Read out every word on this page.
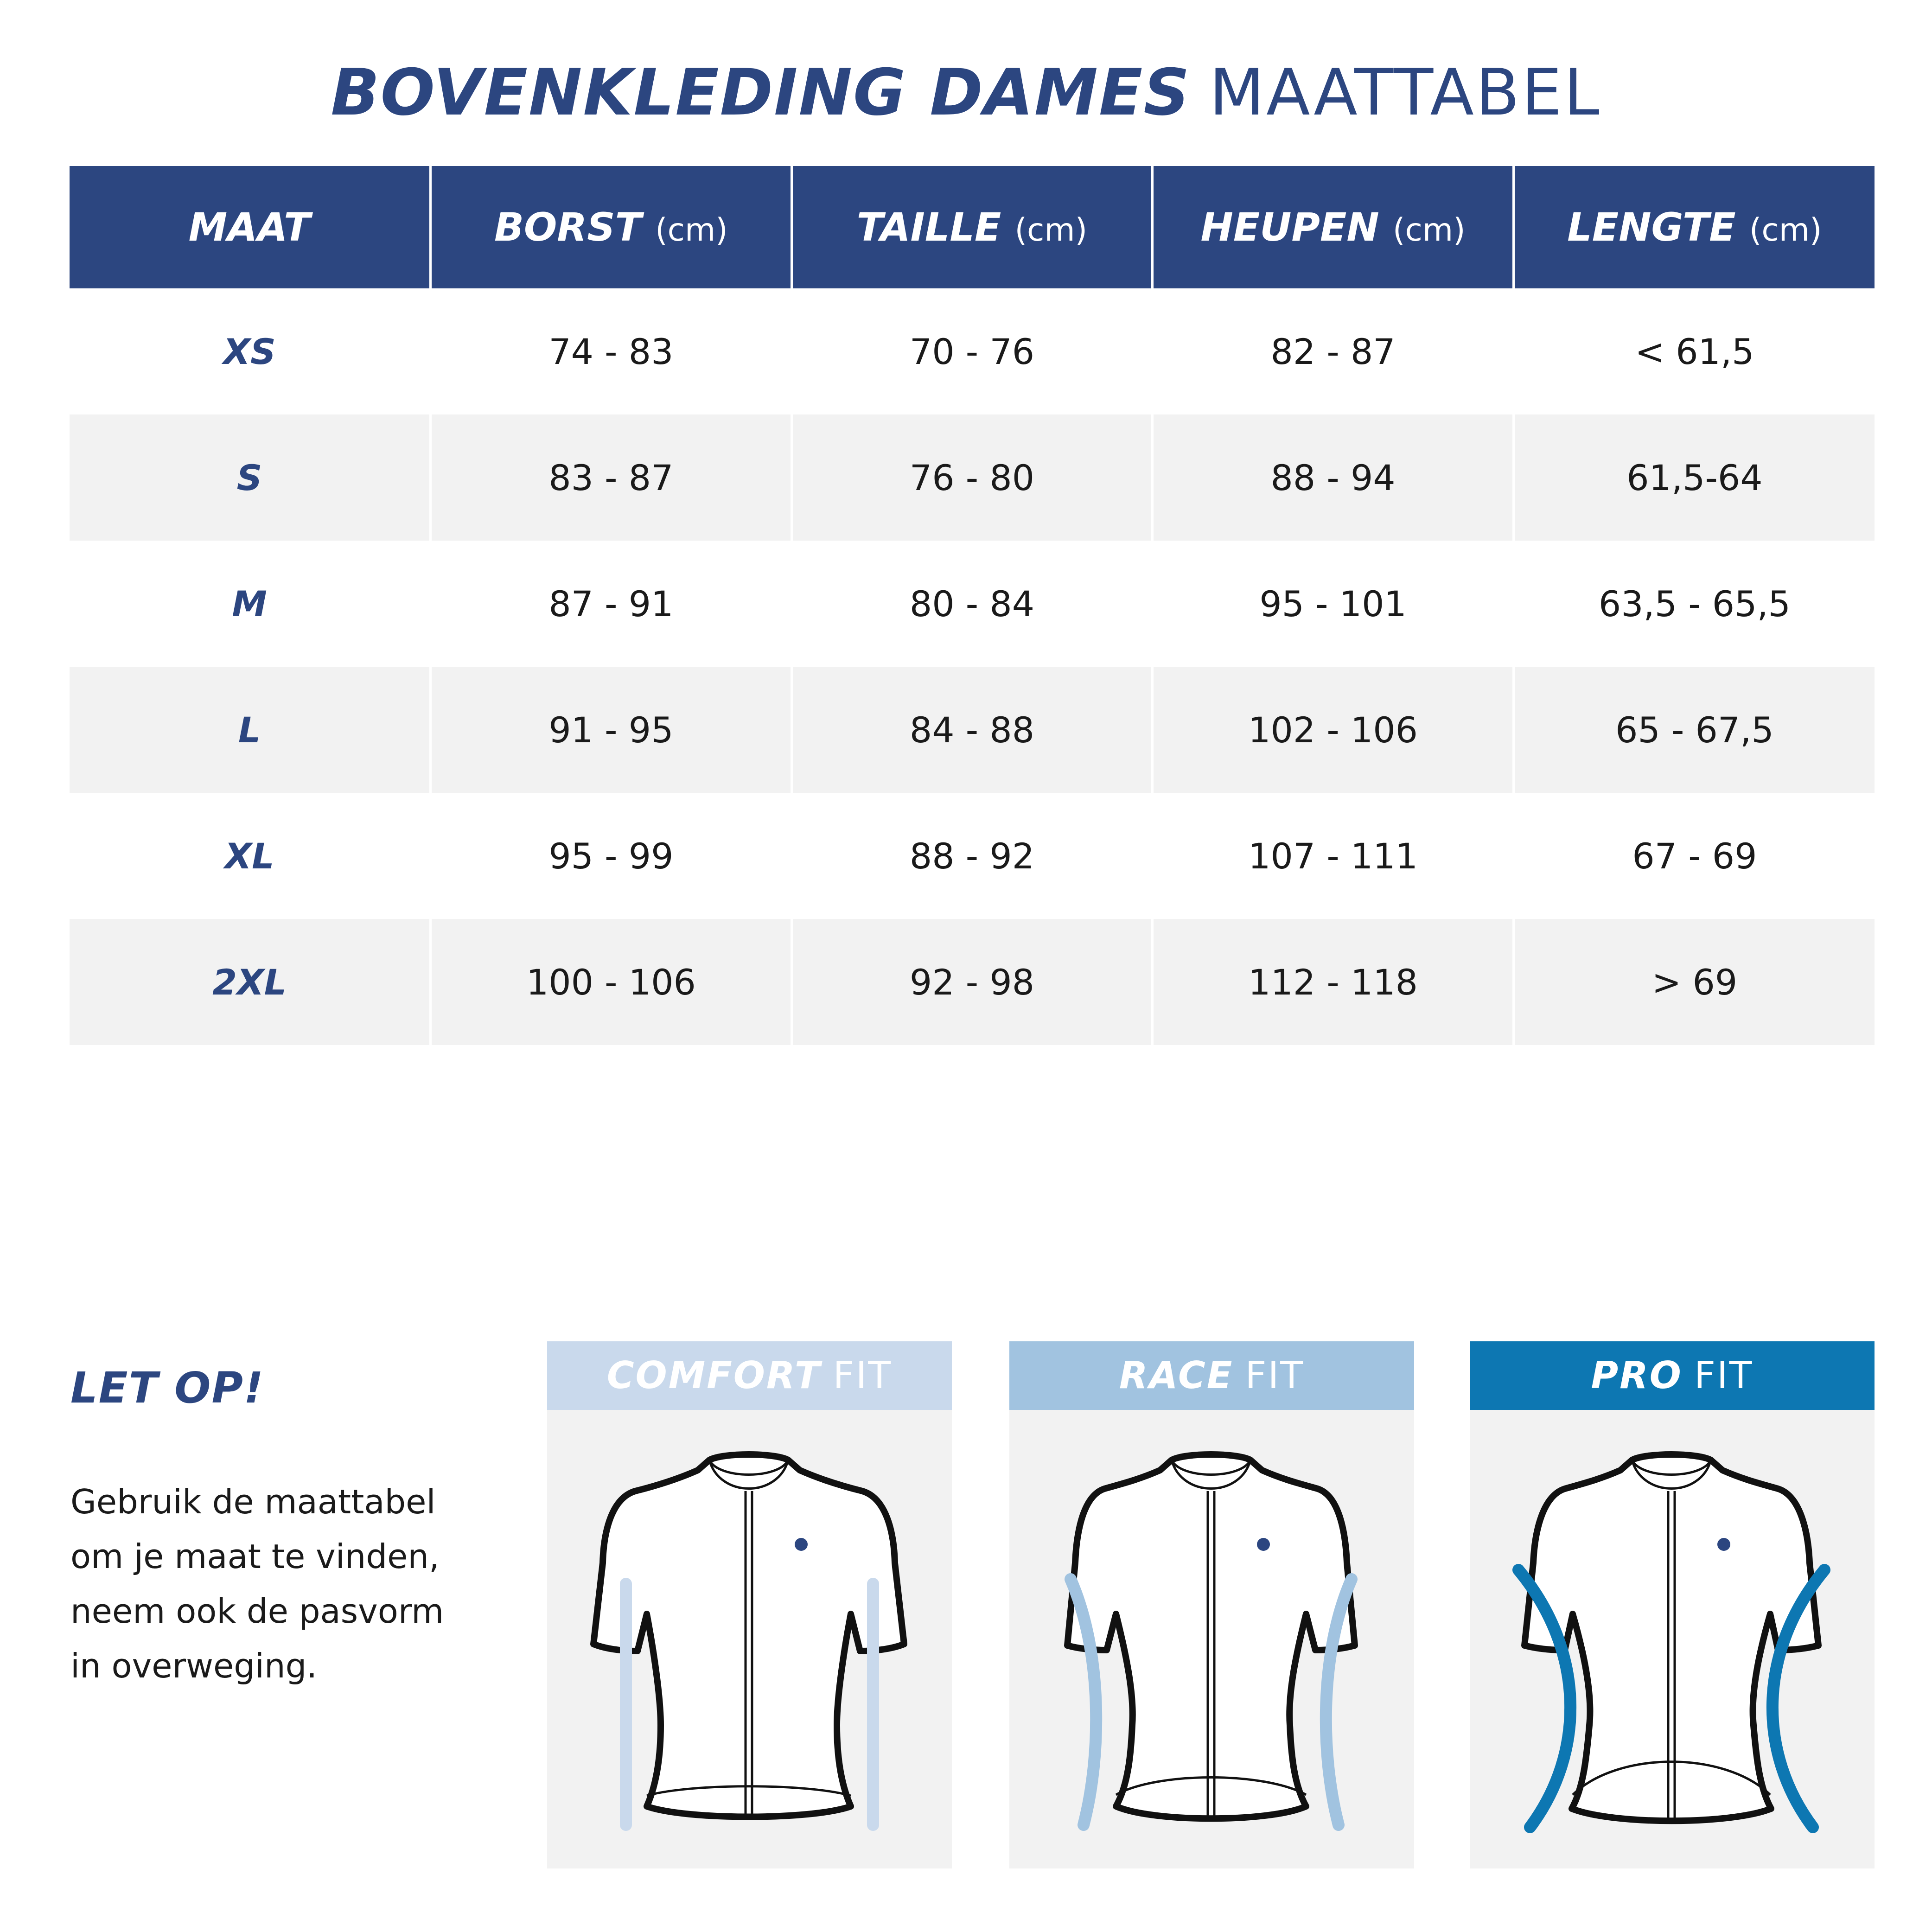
BOVENKLEDING DAMES MAATTABEL
MAAT	BORST (cm)	TAILLE (cm)	HEUPEN (cm)	LENGTE (cm)
XS	74 - 83	70 - 76	82 - 87	< 61,5
S	83 - 87	76 - 80	88 - 94	61,5-64
M	87 - 91	80 - 84	95 - 101	63,5 - 65,5
L	91 - 95	84 - 88	102 - 106	65 - 67,5
XL	95 - 99	88 - 92	107 - 111	67 - 69
2XL	100 - 106	92 - 98	112 - 118	> 69
LET OP!
Gebruik de maattabel
om je maat te vinden,
neem ook de pasvorm
in overweging.
COMFORT FIT	RACE FIT	PRO FIT
